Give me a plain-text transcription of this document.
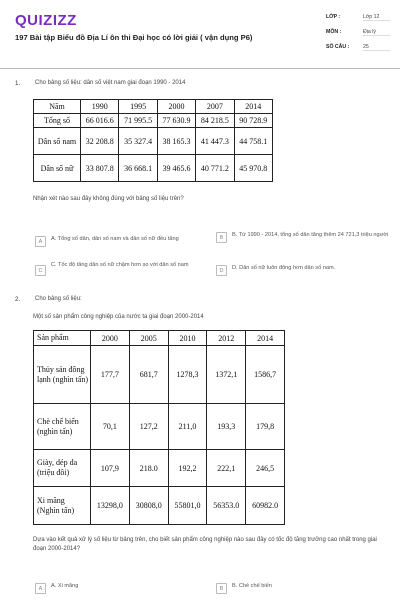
QUIZIZZ
197 Bài tập Biểu đồ Địa Lí ôn thi Đại học có lời giải ( vận dụng P6)
LỚP :	Lớp 12
MÔN :	Địa lý
SỐ CÂU :	25
1. Cho bảng số liệu: dân số việt nam giai đoạn 1990 - 2014
Năm	1990	1995	2000	2007	2014
Tổng số	66 016.6	71 995.5	77 630.9	84 218.5	90 728.9
Dân số nam	32 208.8	35 327.4	38 165.3	41 447.3	44 758.1
Dân số nữ	33 807.8	36 668.1	39 465.6	40 771.2	45 970.8
Nhận xét nào sau đây không đúng với bảng số liệu trên?
A	A. Tổng số dân, dân số nam và dân số nữ đều tăng	B	B. Từ 1990 - 2014, tổng số dân tăng thêm 24 721,3 triệu người
C
C. Tốc độ tăng dân số nữ chậm hơn so với dân số nam
D	D. Dân số nữ luôn đông hơn dân số nam.
2. Cho bảng số liệu:
Một số sản phẩm công nghiệp của nước ta giai đoạn 2000-2014
Sản phẩm	2000	2005	2010	2012	2014
Thủy sản đông lạnh (nghìn tấn)	177,7	681,7	1278,3	1372,1	1586,7
Chè chế biến (nghìn tấn)	70,1	127,2	211,0	193,3	179,8
Giày, dép da (triệu đôi)	107,9	218.0	192,2	222,1	246,5
Xi măng (Nghìn tấn)	13298,0	30808,0	55801,0	56353.0	60982.0
Dựa vào kết quả xử lý số liệu từ bảng trên, cho biết sản phẩm công nghiệp nào sau đây có tốc độ tăng trưởng cao nhất trong giai đoạn 2000-2014?
A	A. Xi măng	B	B. Chè chế biến
